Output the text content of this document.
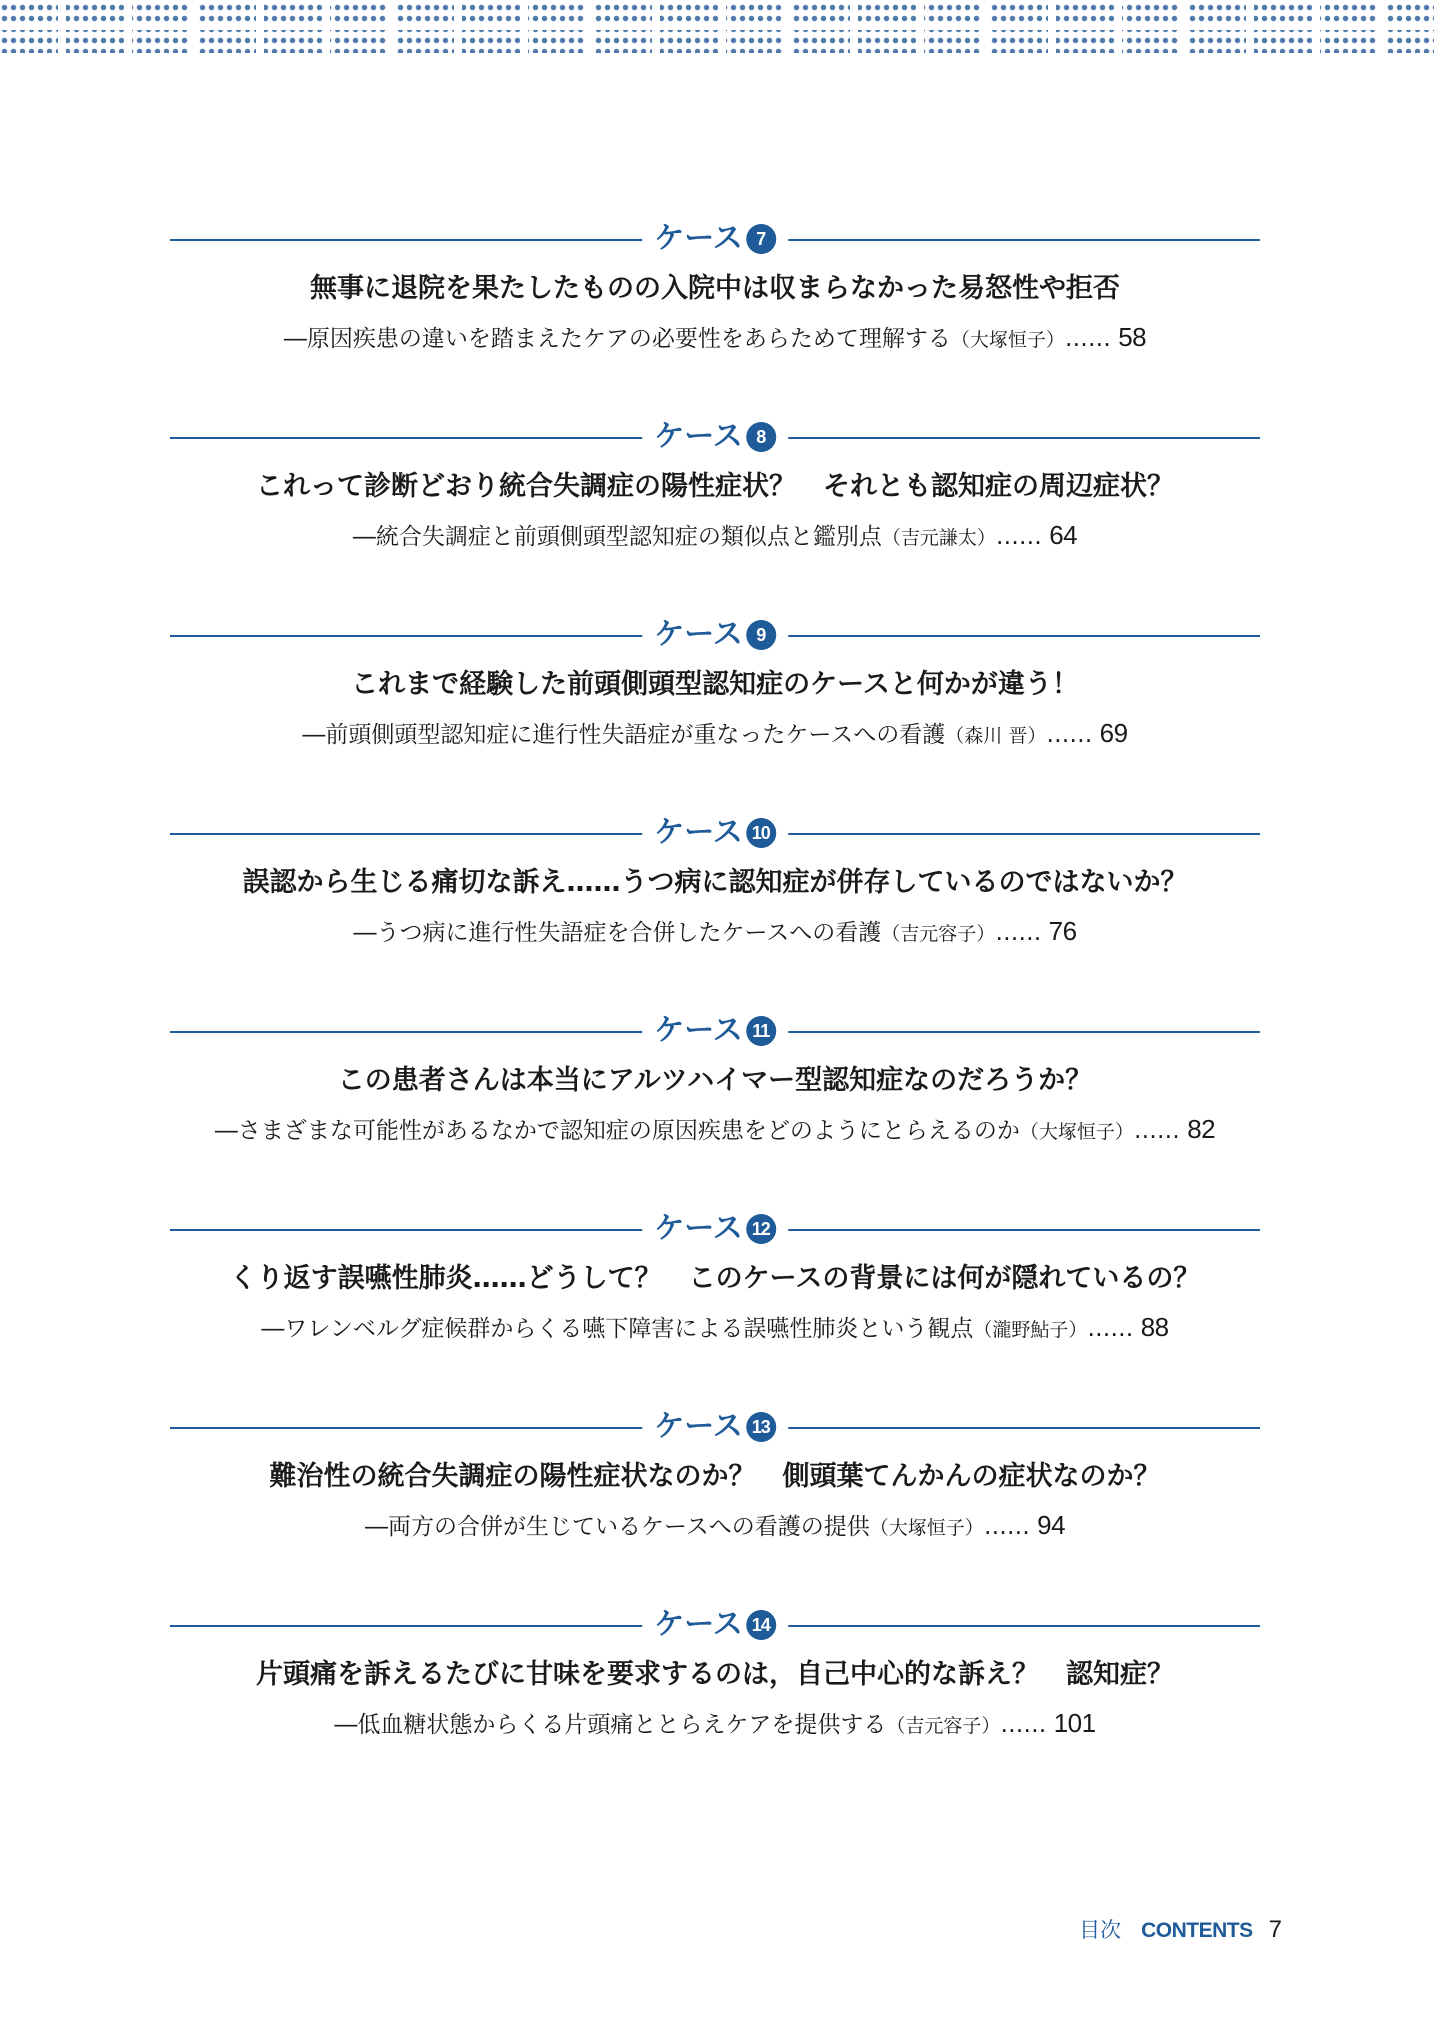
ケース 7
無事に退院を果たしたものの入院中は収まらなかった易怒性や拒否
―原因疾患の違いを踏まえたケアの必要性をあらためて理解する（大塚恒子）…… 58
ケース 8
これって診断どおり統合失調症の陽性症状？　それとも認知症の周辺症状？
―統合失調症と前頭側頭型認知症の類似点と鑑別点（吉元謙太）…… 64
ケース 9
これまで経験した前頭側頭型認知症のケースと何かが違う！
―前頭側頭型認知症に進行性失語症が重なったケースへの看護（森川 晋）…… 69
ケース 10
誤認から生じる痛切な訴え……うつ病に認知症が併存しているのではないか？
―うつ病に進行性失語症を合併したケースへの看護（吉元容子）…… 76
ケース 11
この患者さんは本当にアルツハイマー型認知症なのだろうか？
―さまざまな可能性があるなかで認知症の原因疾患をどのようにとらえるのか（大塚恒子）…… 82
ケース 12
くり返す誤嚥性肺炎……どうして？　このケースの背景には何が隠れているの？
―ワレンベルグ症候群からくる嚥下障害による誤嚥性肺炎という観点（瀧野鮎子）…… 88
ケース 13
難治性の統合失調症の陽性症状なのか？　側頭葉てんかんの症状なのか？
―両方の合併が生じているケースへの看護の提供（大塚恒子）…… 94
ケース 14
片頭痛を訴えるたびに甘味を要求するのは，自己中心的な訴え？　認知症？
―低血糖状態からくる片頭痛ととらえケアを提供する（吉元容子）…… 101
目次 CONTENTS 7
